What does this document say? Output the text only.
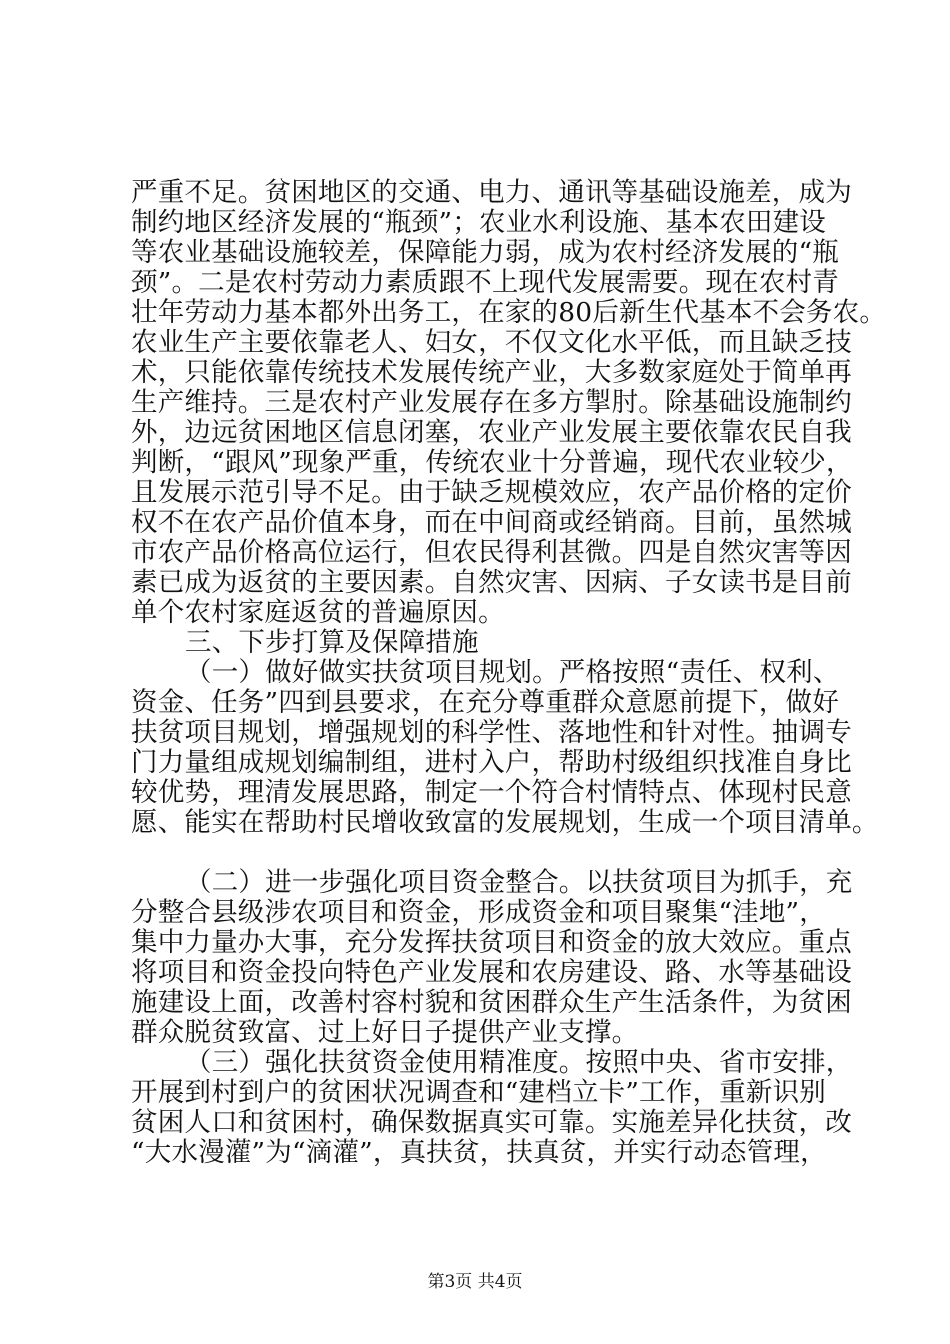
严重不足。贫困地区的交通、电力、通讯等基础设施差，成为
制约地区经济发展的“瓶颈”；农业水利设施、基本农田建设
等农业基础设施较差，保障能力弱，成为农村经济发展的“瓶
颈”。二是农村劳动力素质跟不上现代发展需要。现在农村青
壮年劳动力基本都外出务工，在家的80后新生代基本不会务农。
农业生产主要依靠老人、妇女，不仅文化水平低，而且缺乏技
术，只能依靠传统技术发展传统产业，大多数家庭处于简单再
生产维持。三是农村产业发展存在多方掣肘。除基础设施制约
外，边远贫困地区信息闭塞，农业产业发展主要依靠农民自我
判断，“跟风”现象严重，传统农业十分普遍，现代农业较少，
且发展示范引导不足。由于缺乏规模效应，农产品价格的定价
权不在农产品价值本身，而在中间商或经销商。目前，虽然城
市农产品价格高位运行，但农民得利甚微。四是自然灾害等因
素已成为返贫的主要因素。自然灾害、因病、子女读书是目前
单个农村家庭返贫的普遍原因。
三、下步打算及保障措施
（一）做好做实扶贫项目规划。严格按照“责任、权利、
资金、任务”四到县要求，在充分尊重群众意愿前提下，做好
扶贫项目规划，增强规划的科学性、落地性和针对性。抽调专
门力量组成规划编制组，进村入户，帮助村级组织找准自身比
较优势，理清发展思路，制定一个符合村情特点、体现村民意
愿、能实在帮助村民增收致富的发展规划，生成一个项目清单。
（二）进一步强化项目资金整合。以扶贫项目为抓手，充
分整合县级涉农项目和资金，形成资金和项目聚集“洼地”，
集中力量办大事，充分发挥扶贫项目和资金的放大效应。重点
将项目和资金投向特色产业发展和农房建设、路、水等基础设
施建设上面，改善村容村貌和贫困群众生产生活条件，为贫困
群众脱贫致富、过上好日子提供产业支撑。
（三）强化扶贫资金使用精准度。按照中央、省市安排，
开展到村到户的贫困状况调查和“建档立卡”工作，重新识别
贫困人口和贫困村，确保数据真实可靠。实施差异化扶贫，改
“大水漫灌”为“滴灌”，真扶贫，扶真贫，并实行动态管理，
第3页 共4页
